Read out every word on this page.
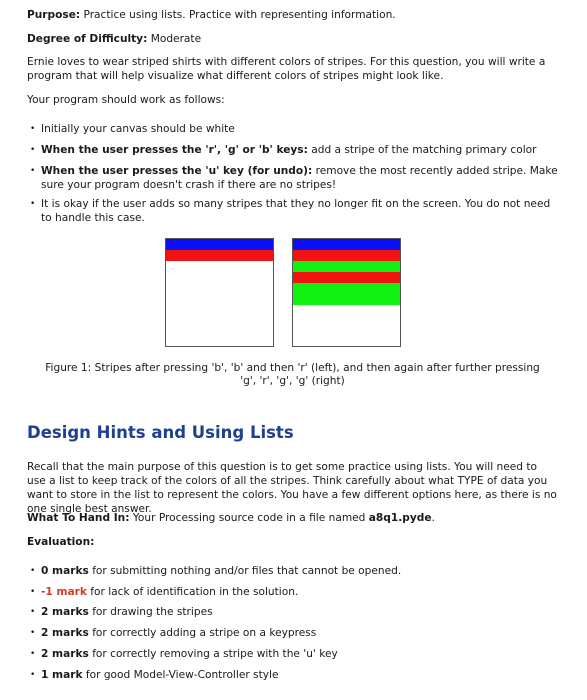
Purpose: Practice using lists. Practice with representing information.

Degree of Difficulty: Moderate

Ernie loves to wear striped shirts with different colors of stripes. For this question, you will write a program that will help visualize what different colors of stripes might look like.

Your program should work as follows:

• Initially your canvas should be white

• When the user presses the 'r', 'g' or 'b' keys: add a stripe of the matching primary color

• When the user presses the 'u' key (for undo): remove the most recently added stripe. Make sure your program doesn't crash if there are no stripes!

• It is okay if the user adds so many stripes that they no longer fit on the screen. You do not need to handle this case.

Figure 1: Stripes after pressing 'b', 'b' and then 'r' (left), and then again after further pressing
'g', 'r', 'g', 'g' (right)
Design Hints and Using Lists

Recall that the main purpose of this question is to get some practice using lists. You will need to use a list to keep track of the colors of all the stripes. Think carefully about what TYPE of data you want to store in the list to represent the colors. You have a few different options here, as there is no one single best answer.

What To Hand In: Your Processing source code in a file named a8q1.pyde.

Evaluation:

• 0 marks for submitting nothing and/or files that cannot be opened.

• -1 mark for lack of identification in the solution.

• 2 marks for drawing the stripes

• 2 marks for correctly adding a stripe on a keypress

• 2 marks for correctly removing a stripe with the 'u' key

• 1 mark for good Model-View-Controller style
